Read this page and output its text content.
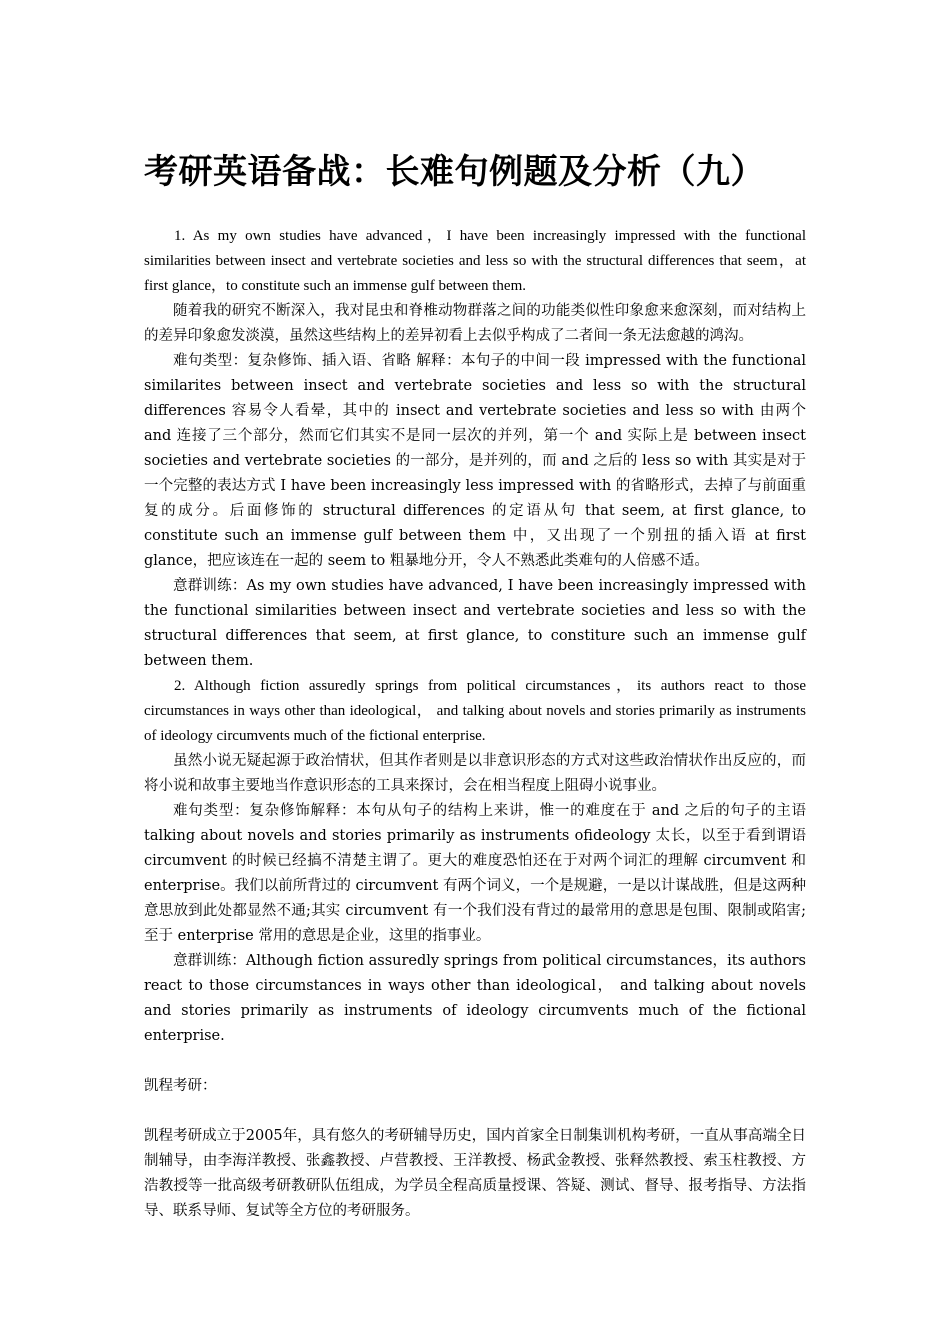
考研英语备战：长难句例题及分析（九）

1. As my own studies have advanced，I have been increasingly impressed with the functional similarities between insect and vertebrate societies and less so with the structural differences that seem，at first glance，to constitute such an immense gulf between them.

随着我的研究不断深入，我对昆虫和脊椎动物群落之间的功能类似性印象愈来愈深刻，而对结构上的差异印象愈发淡漠，虽然这些结构上的差异初看上去似乎构成了二者间一条无法愈越的鸿沟。

难句类型：复杂修饰、插入语、省略 解释：本句子的中间一段 impressed with the functional similarites between insect and vertebrate societies and less so with the structural differences 容易令人看晕，其中的 insect and vertebrate societies and less so with 由两个 and 连接了三个部分，然而它们其实不是同一层次的并列，第一个 and 实际上是 between insect societies and vertebrate societies 的一部分，是并列的，而 and 之后的 less so with 其实是对于一个完整的表达方式 I have been increasingly less impressed with 的省略形式，去掉了与前面重复的成分。后面修饰的 structural differences 的定语从句 that seem, at first glance, to constitute such an immense gulf between them 中，又出现了一个别扭的插入语 at first glance，把应该连在一起的 seem to 粗暴地分开，令人不熟悉此类难句的人倍感不适。

意群训练：As my own studies have advanced, I have been increasingly impressed with the functional similarities between insect and vertebrate societies and less so with the structural differences that seem, at first glance, to constiture such an immense gulf between them.

2. Although fiction assuredly springs from political circumstances，its authors react to those circumstances in ways other than ideological， and talking about novels and stories primarily as instruments of ideology circumvents much of the fictional enterprise.

虽然小说无疑起源于政治情状，但其作者则是以非意识形态的方式对这些政治情状作出反应的，而将小说和故事主要地当作意识形态的工具来探讨，会在相当程度上阻碍小说事业。

难句类型：复杂修饰解释：本句从句子的结构上来讲，惟一的难度在于 and 之后的句子的主语 talking about novels and stories primarily as instruments ofideology 太长，以至于看到谓语 circumvent 的时候已经搞不清楚主谓了。更大的难度恐怕还在于对两个词汇的理解 circumvent 和 enterprise。我们以前所背过的 circumvent 有两个词义，一个是规避，一是以计谋战胜，但是这两种意思放到此处都显然不通;其实 circumvent 有一个我们没有背过的最常用的意思是包围、限制或陷害;至于 enterprise 常用的意思是企业，这里的指事业。

意群训练：Although fiction assuredly springs from political circumstances，its authors react to those circumstances in ways other than ideological， and talking about novels and stories primarily as instruments of ideology circumvents much of the fictional enterprise.

凯程考研：

凯程考研成立于2005年，具有悠久的考研辅导历史，国内首家全日制集训机构考研，一直从事高端全日制辅导，由李海洋教授、张鑫教授、卢营教授、王洋教授、杨武金教授、张释然教授、索玉柱教授、方浩教授等一批高级考研教研队伍组成，为学员全程高质量授课、答疑、测试、督导、报考指导、方法指导、联系导师、复试等全方位的考研服务。
